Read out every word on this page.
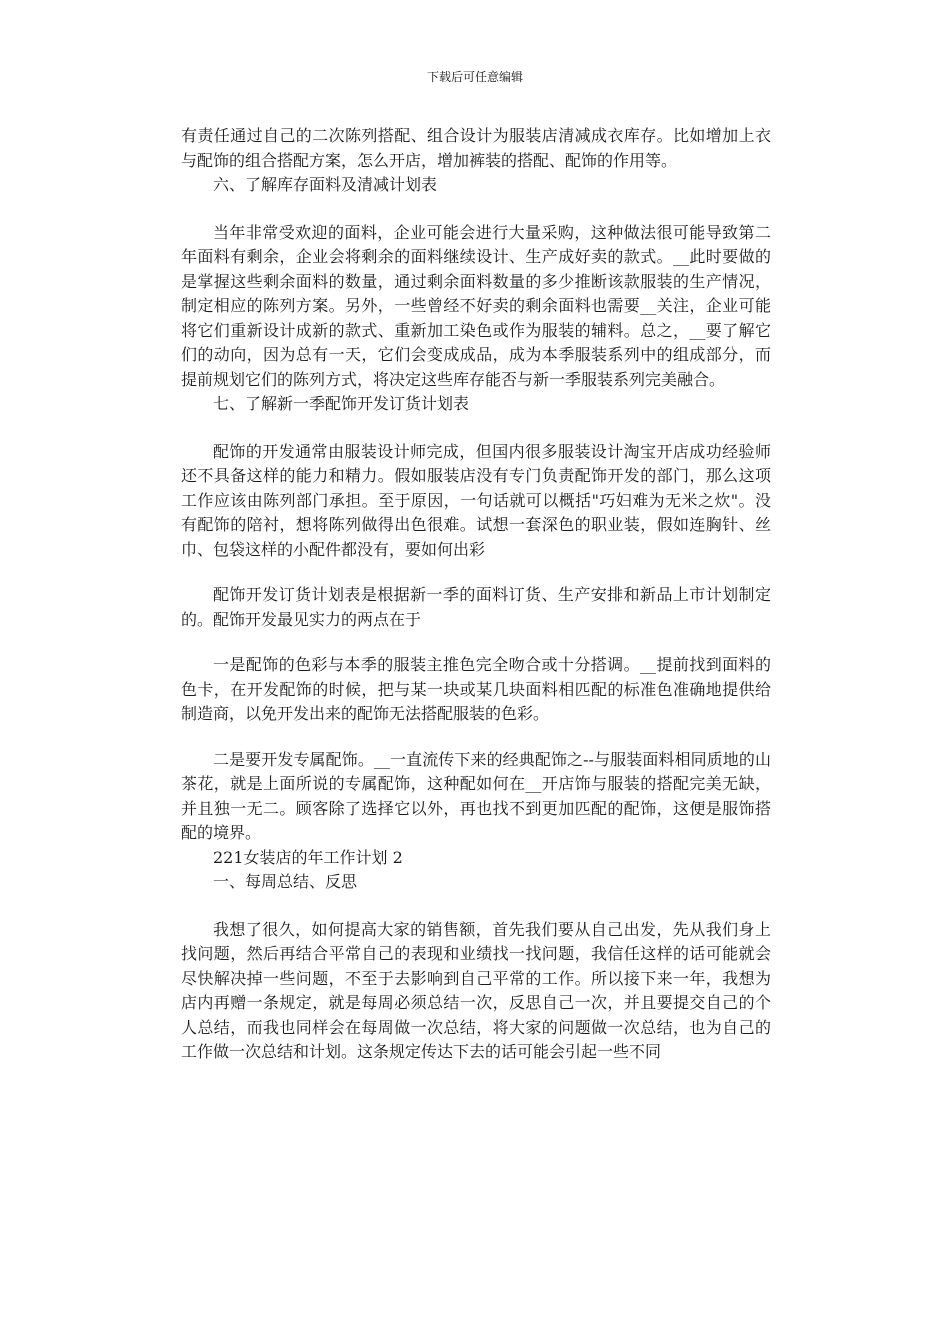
下载后可任意编辑

有责任通过自己的二次陈列搭配、组合设计为服装店清减成衣库存。比如增加上衣与配饰的组合搭配方案，怎么开店，增加裤装的搭配、配饰的作用等。

六、了解库存面料及清减计划表

当年非常受欢迎的面料，企业可能会进行大量采购，这种做法很可能导致第二年面料有剩余，企业会将剩余的面料继续设计、生产成好卖的款式。__此时要做的是掌握这些剩余面料的数量，通过剩余面料数量的多少推断该款服装的生产情况，制定相应的陈列方案。另外，一些曾经不好卖的剩余面料也需要__关注，企业可能将它们重新设计成新的款式、重新加工染色或作为服装的辅料。总之，__要了解它们的动向，因为总有一天，它们会变成成品，成为本季服装系列中的组成部分，而提前规划它们的陈列方式，将决定这些库存能否与新一季服装系列完美融合。

七、了解新一季配饰开发订货计划表

配饰的开发通常由服装设计师完成，但国内很多服装设计淘宝开店成功经验师还不具备这样的能力和精力。假如服装店没有专门负责配饰开发的部门，那么这项工作应该由陈列部门承担。至于原因，一句话就可以概括"巧妇难为无米之炊"。没有配饰的陪衬，想将陈列做得出色很难。试想一套深色的职业装，假如连胸针、丝巾、包袋这样的小配件都没有，要如何出彩

配饰开发订货计划表是根据新一季的面料订货、生产安排和新品上市计划制定的。配饰开发最见实力的两点在于

一是配饰的色彩与本季的服装主推色完全吻合或十分搭调。__提前找到面料的色卡，在开发配饰的时候，把与某一块或某几块面料相匹配的标准色准确地提供给制造商，以免开发出来的配饰无法搭配服装的色彩。

二是要开发专属配饰。__一直流传下来的经典配饰之--与服装面料相同质地的山茶花，就是上面所说的专属配饰，这种配如何在__开店饰与服装的搭配完美无缺，并且独一无二。顾客除了选择它以外，再也找不到更加匹配的配饰，这便是服饰搭配的境界。

221女装店的年工作计划 2

一、每周总结、反思

我想了很久，如何提高大家的销售额，首先我们要从自己出发，先从我们身上找问题，然后再结合平常自己的表现和业绩找一找问题，我信任这样的话可能就会尽快解决掉一些问题，不至于去影响到自己平常的工作。所以接下来一年，我想为店内再赠一条规定，就是每周必须总结一次，反思自己一次，并且要提交自己的个人总结，而我也同样会在每周做一次总结，将大家的问题做一次总结，也为自己的工作做一次总结和计划。这条规定传达下去的话可能会引起一些不同
